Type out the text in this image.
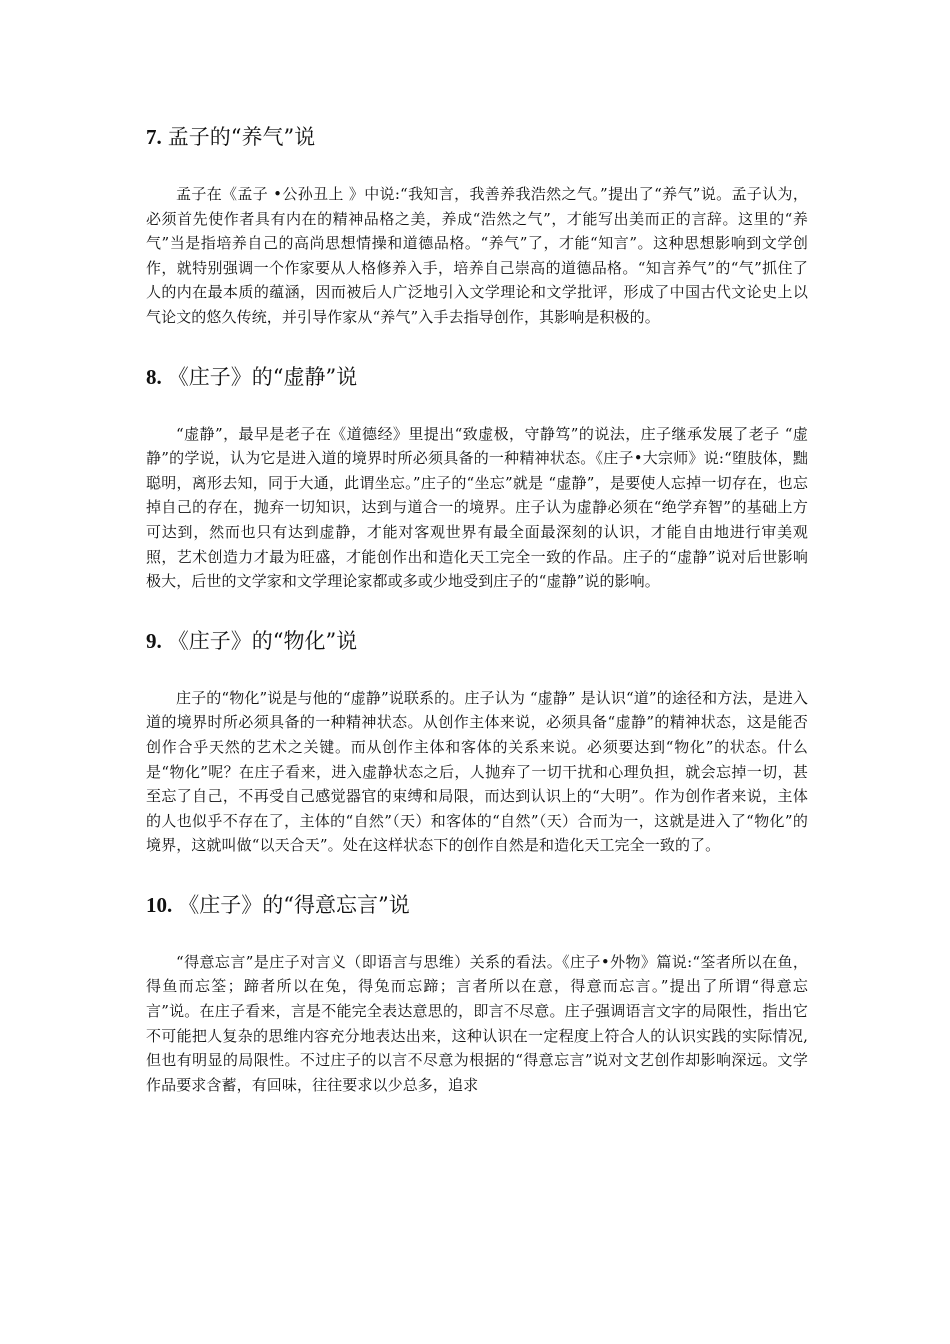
7. 孟子的“养气”说

孟子在《孟子 •公孙丑上 》中说:“我知言，我善养我浩然之气。”提出了“养气”说。孟子认为，必须首先使作者具有内在的精神品格之美，养成“浩然之气”，才能写出美而正的言辞。这里的“养气”当是指培养自己的高尚思想情操和道德品格。“养气”了，才能“知言”。这种思想影响到文学创作，就特别强调一个作家要从人格修养入手，培养自己崇高的道德品格。“知言养气”的“气”抓住了人的内在最本质的蕴涵，因而被后人广泛地引入文学理论和文学批评，形成了中国古代文论史上以气论文的悠久传统，并引导作家从“养气”入手去指导创作，其影响是积极的。

8. 《庄子》的“虚静”说

“虚静”，最早是老子在《道德经》里提出“致虚极，守静笃”的说法，庄子继承发展了老子 “虚静”的学说，认为它是进入道的境界时所必须具备的一种精神状态。《庄子•大宗师》说:“堕肢体，黜聪明，离形去知，同于大通，此谓坐忘。”庄子的“坐忘”就是 “虚静”，是要使人忘掉一切存在，也忘掉自己的存在，抛弃一切知识，达到与道合一的境界。庄子认为虚静必须在“绝学弃智”的基础上方可达到，然而也只有达到虚静，才能对客观世界有最全面最深刻的认识，才能自由地进行审美观照，艺术创造力才最为旺盛，才能创作出和造化天工完全一致的作品。庄子的“虚静”说对后世影响极大，后世的文学家和文学理论家都或多或少地受到庄子的“虚静”说的影响。

9. 《庄子》的“物化”说

庄子的“物化”说是与他的“虚静”说联系的。庄子认为 “虚静” 是认识“道”的途径和方法，是进入道的境界时所必须具备的一种精神状态。从创作主体来说，必须具备“虚静”的精神状态，这是能否创作合乎天然的艺术之关键。而从创作主体和客体的关系来说。必须要达到“物化”的状态。什么是“物化”呢？在庄子看来，进入虚静状态之后，人抛弃了一切干扰和心理负担，就会忘掉一切，甚至忘了自己，不再受自己感觉器官的束缚和局限，而达到认识上的“大明”。作为创作者来说，主体的人也似乎不存在了，主体的“自然”（天）和客体的“自然”（天）合而为一，这就是进入了“物化”的境界，这就叫做“以天合天”。处在这样状态下的创作自然是和造化天工完全一致的了。

10. 《庄子》的“得意忘言”说

“得意忘言”是庄子对言义（即语言与思维）关系的看法。《庄子•外物》篇说:“筌者所以在鱼，得鱼而忘筌；蹄者所以在兔，得兔而忘蹄；言者所以在意，得意而忘言。”提出了所谓“得意忘言”说。在庄子看来，言是不能完全表达意思的，即言不尽意。庄子强调语言文字的局限性，指出它不可能把人复杂的思维内容充分地表达出来，这种认识在一定程度上符合人的认识实践的实际情况,但也有明显的局限性。不过庄子的以言不尽意为根据的“得意忘言”说对文艺创作却影响深远。文学作品要求含蓄，有回味，往往要求以少总多，追求
